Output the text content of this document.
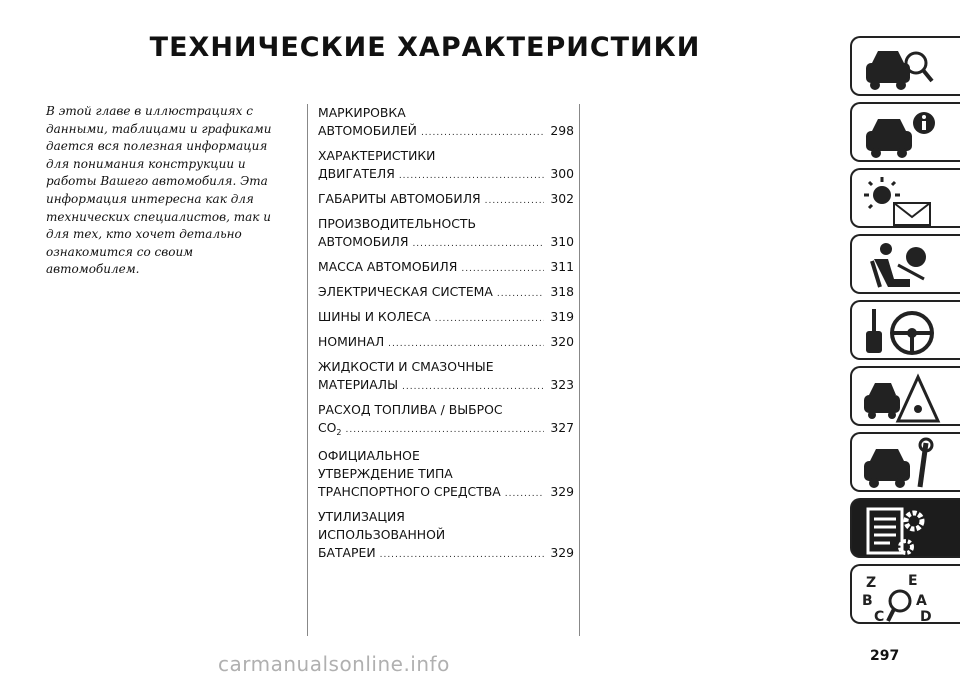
ТЕХНИЧЕСКИЕ ХАРАКТЕРИСТИКИ
В этой главе в иллюстрациях с данными, таблицами и графиками дается вся полезная информация для понимания конструкции и работы Вашего автомобиля. Эта информация интересна как для технических специалистов, так и для тех, кто хочет детально ознакомится со своим автомобилем.
МАРКИРОВКА
АВТОМОБИЛЕЙ .....	298
ХАРАКТЕРИСТИКИ
ДВИГАТЕЛЯ .....	300
ГАБАРИТЫ АВТОМОБИЛЯ .....	302
ПРОИЗВОДИТЕЛЬНОСТЬ
АВТОМОБИЛЯ .....	310
МАССА АВТОМОБИЛЯ .....	311
ЭЛЕКТРИЧЕСКАЯ СИСТЕМА .....	318
ШИНЫ И КОЛЕСА .....	319
НОМИНАЛ .....	320
ЖИДКОСТИ И СМАЗОЧНЫЕ
МАТЕРИАЛЫ .....	323
РАСХОД ТОПЛИВА / ВЫБРОС
$CO_2$ .....	327
ОФИЦИАЛЬНОЕ
УТВЕРЖДЕНИЕ ТИПА
ТРАНСПОРТНОГО СРЕДСТВА .....	329
УТИЛИЗАЦИЯ
ИСПОЛЬЗОВАННОЙ
БАТАРЕИ .....	329
Z E
B	A
C	D
297
carmanualsonline.info
